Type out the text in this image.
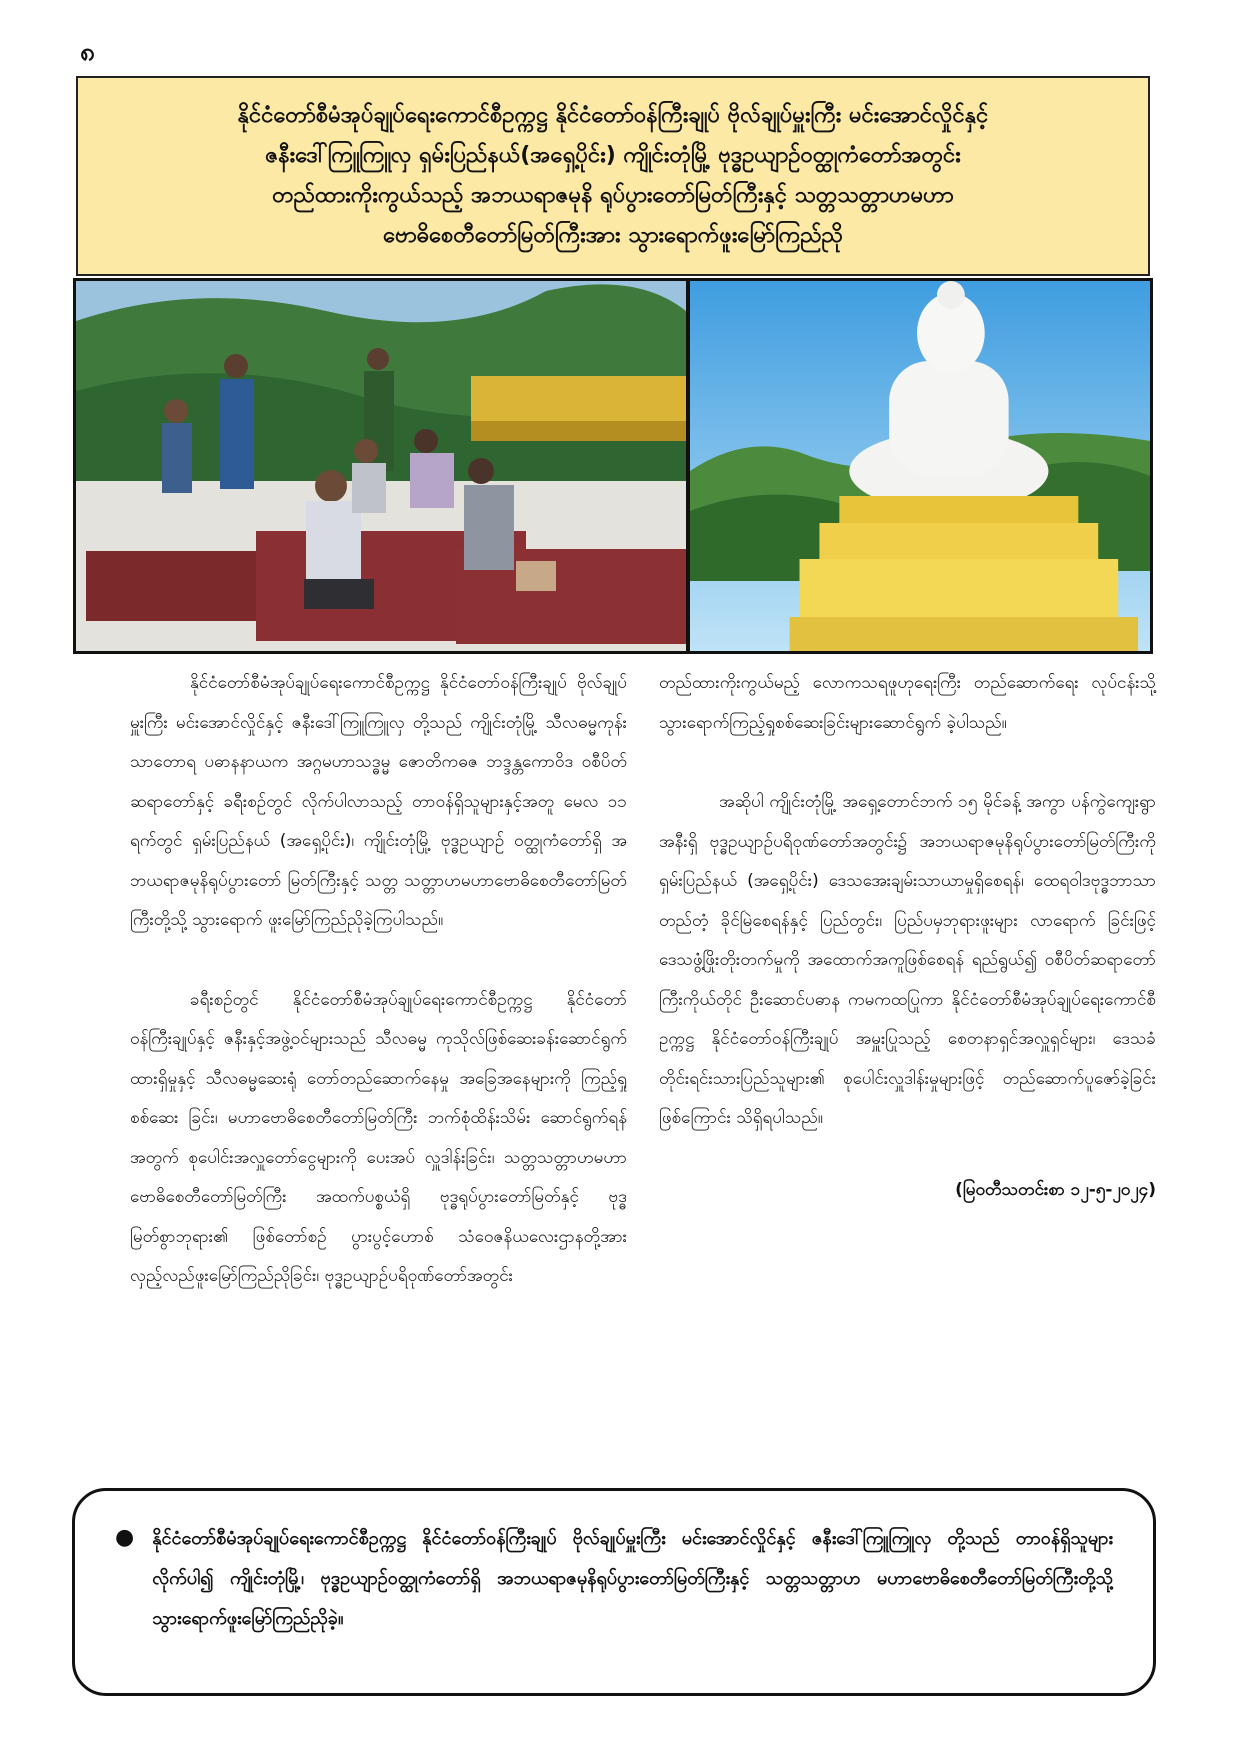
၈
နိုင်ငံတော်စီမံအုပ်ချုပ်ရေးကောင်စီဥက္ကဋ္ဌ နိုင်ငံတော်ဝန်ကြီးချုပ် ဗိုလ်ချုပ်မှူးကြီး မင်းအောင်လှိုင်နှင့်
ဇနီးဒေါ်ကြူကြူလှ ရှမ်းပြည်နယ်(အရှေ့ပိုင်း) ကျိုင်းတုံမြို့ ဗုဒ္ဓဥယျာဉ်ဝတ္ထုကံတော်အတွင်း
တည်ထားကိုးကွယ်သည့် အဘယရာဇမုနိ ရုပ်ပွားတော်မြတ်ကြီးနှင့် သတ္တသတ္တာဟမဟာ
ဗောဓိစေတီတော်မြတ်ကြီးအား သွားရောက်ဖူးမြော်ကြည်ညို

နိုင်ငံတော်စီမံအုပ်ချုပ်ရေးကောင်စီဥက္ကဋ္ဌ နိုင်ငံတော်ဝန်ကြီးချုပ် ဗိုလ်ချုပ်မှူးကြီး မင်းအောင်လှိုင်နှင့် ဇနီးဒေါ်ကြူကြူလှ တို့သည် ကျိုင်းတုံမြို့ သီလဓမ္မကုန်းသာတောရ ပဓာနနာယက အဂ္ဂမဟာသဒ္ဓမ္မ ဇောတိကဓဇ ဘဒ္ဒန္တကောဝိဒ ဝစီပိတ်ဆရာတော်နှင့် ခရီးစဉ်တွင် လိုက်ပါလာသည့် တာဝန်ရှိသူများနှင့်အတူ မေလ ၁၁ ရက်တွင် ရှမ်းပြည်နယ် (အရှေ့ပိုင်း)၊ ကျိုင်းတုံမြို့ ဗုဒ္ဓဥယျာဉ် ဝတ္ထုကံတော်ရှိ အဘယရာဇမုနိရုပ်ပွားတော် မြတ်ကြီးနှင့် သတ္တ သတ္တာဟမဟာဗောဓိစေတီတော်မြတ်ကြီးတို့သို့ သွားရောက် ဖူးမြော်ကြည်ညိုခဲ့ကြပါသည်။

ခရီးစဉ်တွင် နိုင်ငံတော်စီမံအုပ်ချုပ်ရေးကောင်စီဥက္ကဋ္ဌ နိုင်ငံတော်ဝန်ကြီးချုပ်နှင့် ဇနီးနှင့်အဖွဲ့ဝင်များသည် သီလဓမ္မ ကုသိုလ်ဖြစ်ဆေးခန်းဆောင်ရွက်ထားရှိမှုနှင့် သီလဓမ္မဆေးရုံ တော်တည်ဆောက်နေမှု အခြေအနေများကို ကြည့်ရှုစစ်ဆေး ခြင်း၊ မဟာဗောဓိစေတီတော်မြတ်ကြီး ဘက်စုံထိန်းသိမ်း ဆောင်ရွက်ရန်အတွက် စုပေါင်းအလှူတော်ငွေများကို ပေးအပ် လှူဒါန်းခြင်း၊ သတ္တသတ္တာဟမဟာဗောဓိစေတီတော်မြတ်ကြီး အထက်ပစ္စယံရှိ ဗုဒ္ဓရုပ်ပွားတော်မြတ်နှင့် ဗုဒ္ဓမြတ်စွာဘုရား၏ ဖြစ်တော်စဉ် ပွားပွင့်ဟောစ် သံဝေဇနိယလေးဌာနတို့အား လှည့်လည်ဖူးမြော်ကြည်ညိုခြင်း၊ ဗုဒ္ဓဥယျာဉ်ပရိဝုဏ်တော်အတွင်း

တည်ထားကိုးကွယ်မည့် လောကသရဖူဟုရေးကြီး တည်ဆောက်ရေး လုပ်ငန်းသို့ သွားရောက်ကြည့်ရှုစစ်ဆေးခြင်းများဆောင်ရွက် ခဲ့ပါသည်။

အဆိုပါ ကျိုင်းတုံမြို့ အရှေ့တောင်ဘက် ၁၅ မိုင်ခန့် အကွာ ပန်ကွဲကျေးရွာအနီးရှိ ဗုဒ္ဓဥယျာဉ်ပရိဝုဏ်တော်အတွင်း၌ အဘယရာဇမုနိရုပ်ပွားတော်မြတ်ကြီးကို ရှမ်းပြည်နယ် (အရှေ့ပိုင်း) ဒေသအေးချမ်းသာယာမှုရှိစေရန်၊ ထေရဝါဒဗုဒ္ဓဘာသာ တည်တံ့ ခိုင်မြဲစေရန်နှင့် ပြည်တွင်း၊ ပြည်ပမှဘုရားဖူးများ လာရောက် ခြင်းဖြင့် ဒေသဖွံ့ဖြိုးတိုးတက်မှုကို အထောက်အကူဖြစ်စေရန် ရည်ရွယ်၍ ဝစီပိတ်ဆရာတော်ကြီးကိုယ်တိုင် ဦးဆောင်ပဓာန ကမကထပြုကာ နိုင်ငံတော်စီမံအုပ်ချုပ်ရေးကောင်စီဥက္ကဋ္ဌ နိုင်ငံတော်ဝန်ကြီးချုပ် အမှူးပြုသည့် စေတနာရှင်အလှူရှင်များ၊ ဒေသခံတိုင်းရင်းသားပြည်သူများ၏ စုပေါင်းလှူဒါန်းမှုများဖြင့် တည်ဆောက်ပူဇော်ခဲ့ခြင်းဖြစ်ကြောင်း သိရှိရပါသည်။

(မြဝတီသတင်းစာ ၁၂-၅-၂၀၂၄)
● နိုင်ငံတော်စီမံအုပ်ချုပ်ရေးကောင်စီဥက္ကဋ္ဌ နိုင်ငံတော်ဝန်ကြီးချုပ် ဗိုလ်ချုပ်မှူးကြီး မင်းအောင်လှိုင်နှင့် ဇနီးဒေါ်ကြူကြူလှ တို့သည် တာဝန်ရှိသူများလိုက်ပါ၍ ကျိုင်းတုံမြို့၊ ဗုဒ္ဓဥယျာဉ်ဝတ္ထုကံတော်ရှိ အဘယရာဇမုနိရုပ်ပွားတော်မြတ်ကြီးနှင့် သတ္တသတ္တာဟ မဟာဗောဓိစေတီတော်မြတ်ကြီးတို့သို့ သွားရောက်ဖူးမြော်ကြည်ညိုခဲ့။
